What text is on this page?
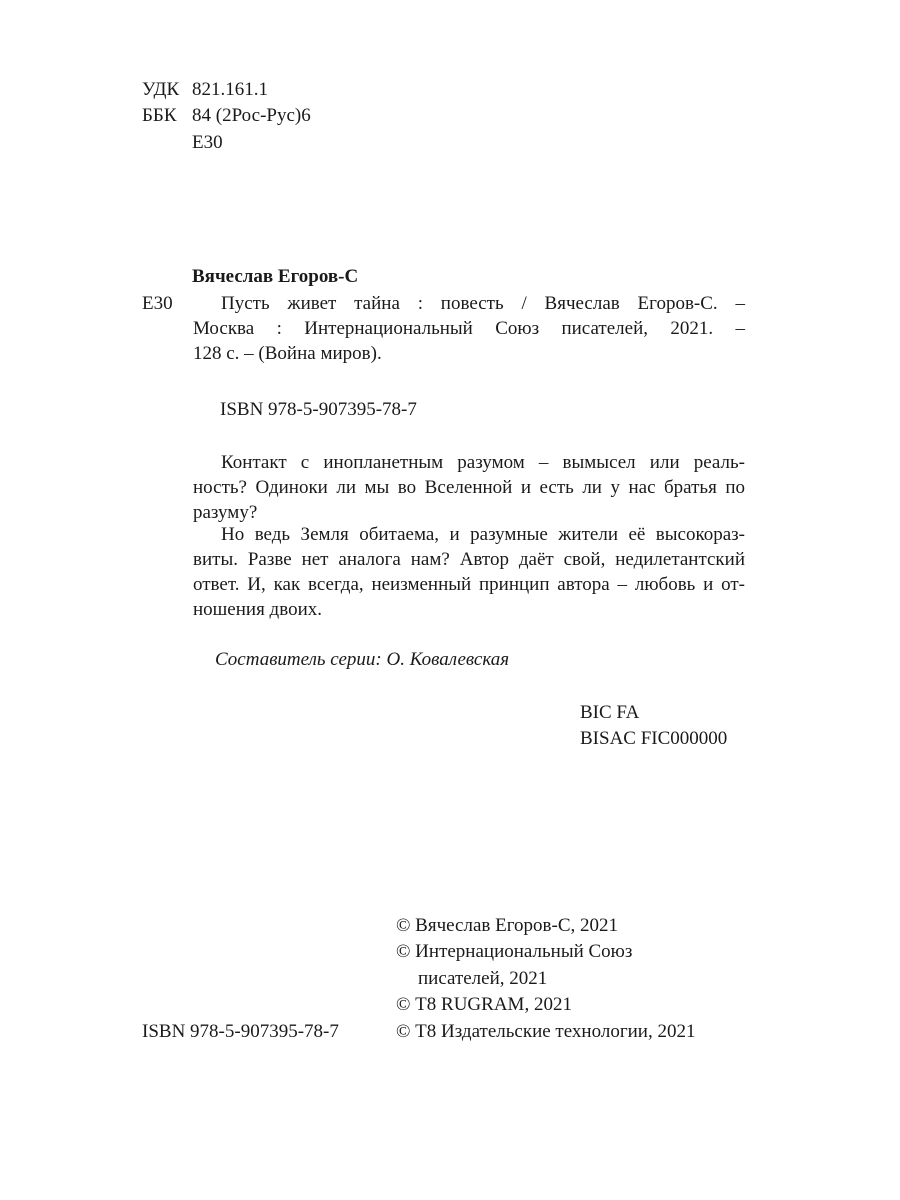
УДК 821.161.1
ББК 84 (2Рос-Рус)6
Е30
Вячеслав Егоров-С
Е30	Пусть живет тайна : повесть / Вячеслав Егоров-С. –
Москва : Интернациональный Союз писателей, 2021. –
128 с. – (Война миров).
ISBN 978-5-907395-78-7
Контакт с инопланетным разумом – вымысел или реаль-
ность? Одиноки ли мы во Вселенной и есть ли у нас братья по
разуму?
Но ведь Земля обитаема, и разумные жители её высокораз-
виты. Разве нет аналога нам? Автор даёт свой, недилетантский
ответ. И, как всегда, неизменный принцип автора – любовь и от-
ношения двоих.
Составитель серии: О. Ковалевская
BIC FA
BISAC FIC000000
© Вячеслав Егоров-С, 2021
© Интернациональный Союз
писателей, 2021
© Т8 RUGRAM, 2021
ISBN 978-5-907395-78-7	© Т8 Издательские технологии, 2021
